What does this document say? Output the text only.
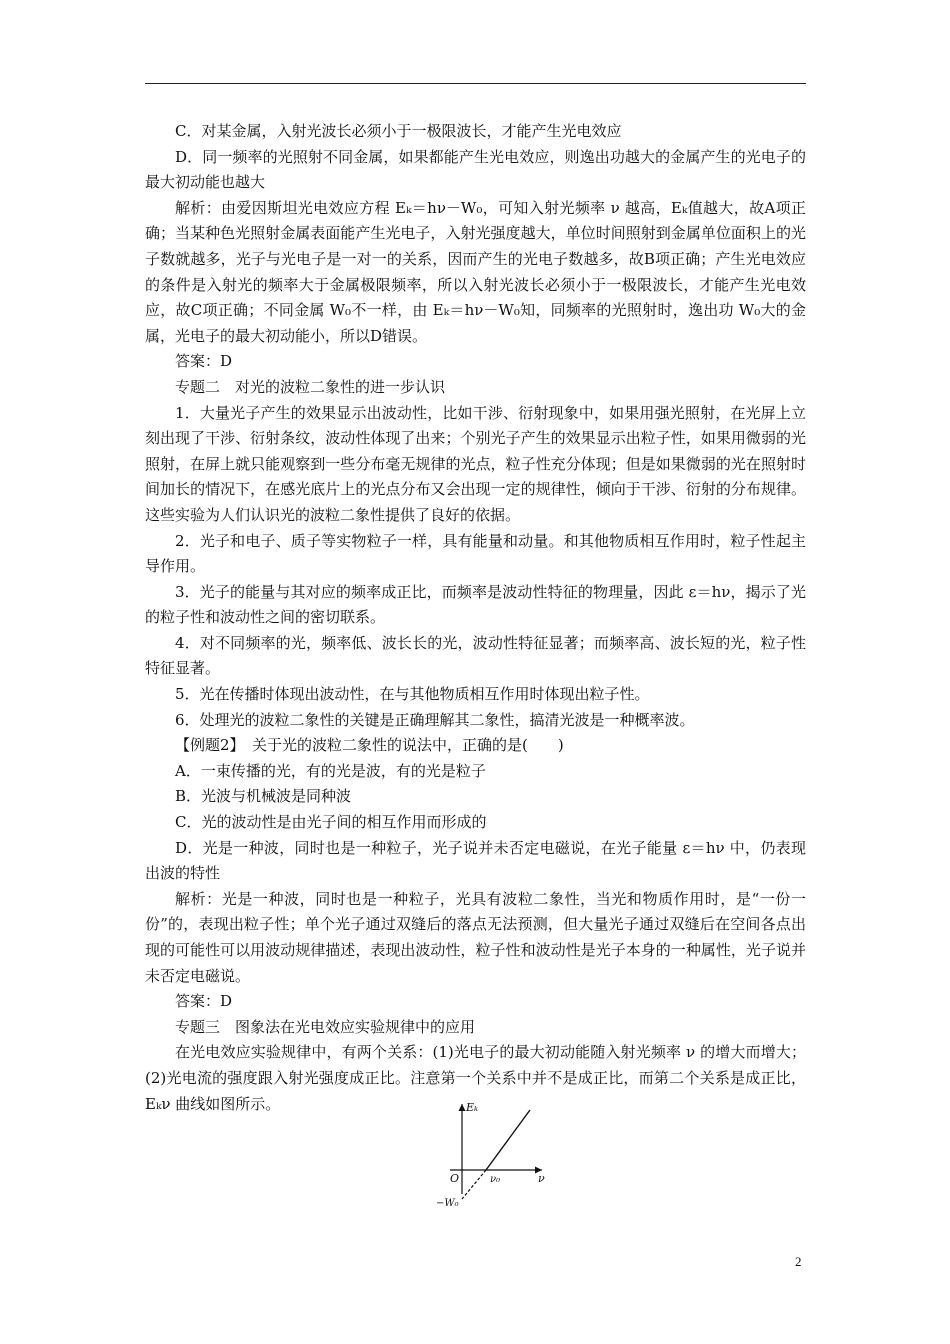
C．对某金属，入射光波长必须小于一极限波长，才能产生光电效应

D．同一频率的光照射不同金属，如果都能产生光电效应，则逸出功越大的金属产生的光电子的最大初动能也越大

解析：由爱因斯坦光电效应方程 Eₖ＝hν－W₀，可知入射光频率 ν 越高，Eₖ值越大，故A项正确；当某种色光照射金属表面能产生光电子，入射光强度越大，单位时间照射到金属单位面积上的光子数就越多，光子与光电子是一对一的关系，因而产生的光电子数越多，故B项正确；产生光电效应的条件是入射光的频率大于金属极限频率，所以入射光波长必须小于一极限波长，才能产生光电效应，故C项正确；不同金属 W₀不一样，由 Eₖ＝hν－W₀知，同频率的光照射时，逸出功 W₀大的金属，光电子的最大初动能小，所以D错误。

答案：D

专题二　对光的波粒二象性的进一步认识

1．大量光子产生的效果显示出波动性，比如干涉、衍射现象中，如果用强光照射，在光屏上立刻出现了干涉、衍射条纹，波动性体现了出来；个别光子产生的效果显示出粒子性，如果用微弱的光照射，在屏上就只能观察到一些分布毫无规律的光点，粒子性充分体现；但是如果微弱的光在照射时间加长的情况下，在感光底片上的光点分布又会出现一定的规律性，倾向于干涉、衍射的分布规律。这些实验为人们认识光的波粒二象性提供了良好的依据。

2．光子和电子、质子等实物粒子一样，具有能量和动量。和其他物质相互作用时，粒子性起主导作用。

3．光子的能量与其对应的频率成正比，而频率是波动性特征的物理量，因此 ε＝hν，揭示了光的粒子性和波动性之间的密切联系。

4．对不同频率的光，频率低、波长长的光，波动性特征显著；而频率高、波长短的光，粒子性特征显著。

5．光在传播时体现出波动性，在与其他物质相互作用时体现出粒子性。

6．处理光的波粒二象性的关键是正确理解其二象性，搞清光波是一种概率波。

【例题2】　关于光的波粒二象性的说法中，正确的是(　　)

A．一束传播的光，有的光是波，有的光是粒子

B．光波与机械波是同种波

C．光的波动性是由光子间的相互作用而形成的

D．光是一种波，同时也是一种粒子，光子说并未否定电磁说，在光子能量 ε＝hν 中，仍表现出波的特性

解析：光是一种波，同时也是一种粒子，光具有波粒二象性，当光和物质作用时，是“一份一份”的，表现出粒子性；单个光子通过双缝后的落点无法预测，但大量光子通过双缝后在空间各点出现的可能性可以用波动规律描述，表现出波动性，粒子性和波动性是光子本身的一种属性，光子说并未否定电磁说。

答案：D

专题三　图象法在光电效应实验规律中的应用

在光电效应实验规律中，有两个关系：(1)光电子的最大初动能随入射光频率 ν 的增大而增大；(2)光电流的强度跟入射光强度成正比。注意第一个关系中并不是成正比，而第二个关系是成正比，Eₖν 曲线如图所示。	Eₖ
ν
O	ν₀
−W₀
2
